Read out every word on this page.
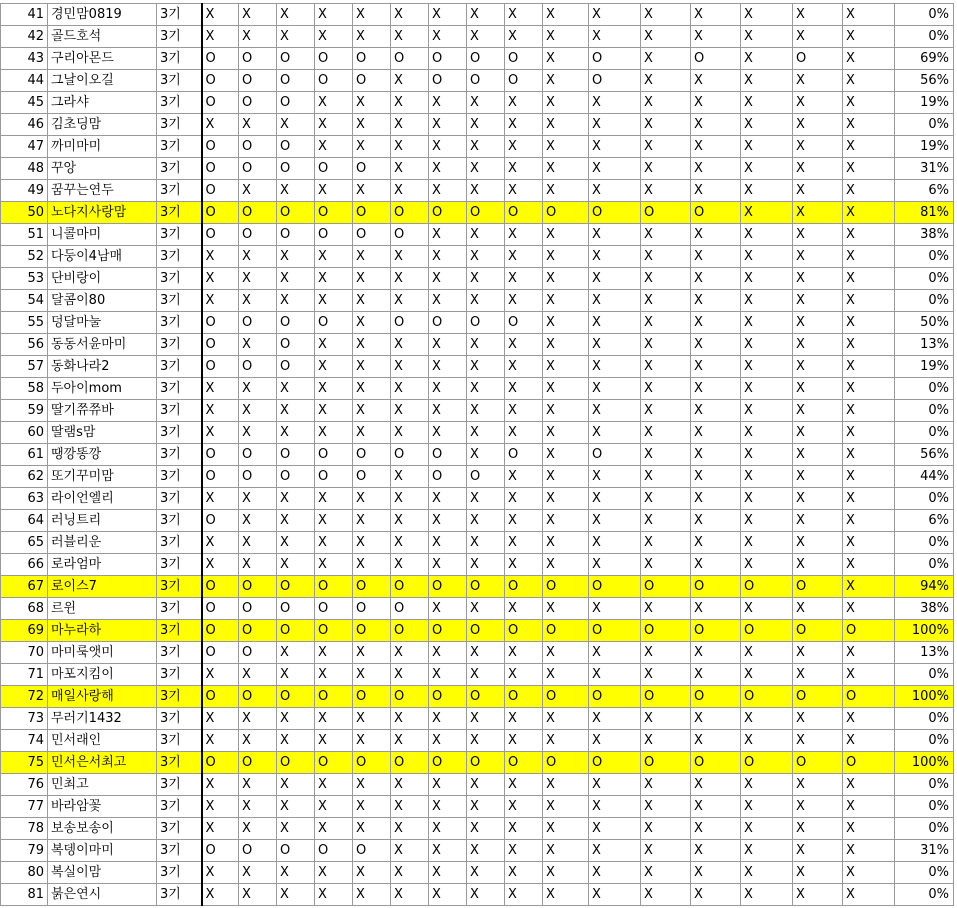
41	경민맘0819	3기	X	X	X	X	X	X	X	X	X	X	X	X	X	X	X	X	0%
42	골드호석	3기	X	X	X	X	X	X	X	X	X	X	X	X	X	X	X	X	0%
43	구리아몬드	3기	O	O	O	O	O	O	O	O	O	X	O	X	O	X	O	X	69%
44	그날이오길	3기	O	O	O	O	O	X	O	O	O	X	O	X	X	X	X	X	56%
45	그라샤	3기	O	O	O	X	X	X	X	X	X	X	X	X	X	X	X	X	19%
46	김초딩맘	3기	X	X	X	X	X	X	X	X	X	X	X	X	X	X	X	X	0%
47	까미마미	3기	O	O	O	X	X	X	X	X	X	X	X	X	X	X	X	X	19%
48	꾸앙	3기	O	O	O	O	O	X	X	X	X	X	X	X	X	X	X	X	31%
49	꿈꾸는연두	3기	O	X	X	X	X	X	X	X	X	X	X	X	X	X	X	X	6%
50	노다지사랑맘	3기	O	O	O	O	O	O	O	O	O	O	O	O	O	X	X	X	81%
51	니콜마미	3기	O	O	O	O	O	O	X	X	X	X	X	X	X	X	X	X	38%
52	다둥이4남매	3기	X	X	X	X	X	X	X	X	X	X	X	X	X	X	X	X	0%
53	단비랑이	3기	X	X	X	X	X	X	X	X	X	X	X	X	X	X	X	X	0%
54	달콤이80	3기	X	X	X	X	X	X	X	X	X	X	X	X	X	X	X	X	0%
55	덩달마눌	3기	O	O	O	O	X	O	O	O	O	X	X	X	X	X	X	X	50%
56	동동서윤마미	3기	O	X	O	X	X	X	X	X	X	X	X	X	X	X	X	X	13%
57	동화나라2	3기	O	O	O	X	X	X	X	X	X	X	X	X	X	X	X	X	19%
58	두아이mom	3기	X	X	X	X	X	X	X	X	X	X	X	X	X	X	X	X	0%
59	딸기쮸쮸바	3기	X	X	X	X	X	X	X	X	X	X	X	X	X	X	X	X	0%
60	딸램s맘	3기	X	X	X	X	X	X	X	X	X	X	X	X	X	X	X	X	0%
61	땡깡똥깡	3기	O	O	O	O	O	O	O	X	O	X	O	X	X	X	X	X	56%
62	또기꾸미맘	3기	O	O	O	O	O	X	O	O	X	X	X	X	X	X	X	X	44%
63	라이언엘리	3기	X	X	X	X	X	X	X	X	X	X	X	X	X	X	X	X	0%
64	러닝트리	3기	O	X	X	X	X	X	X	X	X	X	X	X	X	X	X	X	6%
65	러블리운	3기	X	X	X	X	X	X	X	X	X	X	X	X	X	X	X	X	0%
66	로라엄마	3기	X	X	X	X	X	X	X	X	X	X	X	X	X	X	X	X	0%
67	로이스7	3기	O	O	O	O	O	O	O	O	O	O	O	O	O	O	O	X	94%
68	르윈	3기	O	O	O	O	O	O	X	X	X	X	X	X	X	X	X	X	38%
69	마누라하	3기	O	O	O	O	O	O	O	O	O	O	O	O	O	O	O	O	100%
70	마미룩앳미	3기	O	O	X	X	X	X	X	X	X	X	X	X	X	X	X	X	13%
71	마포지킴이	3기	X	X	X	X	X	X	X	X	X	X	X	X	X	X	X	X	0%
72	매일사랑해	3기	O	O	O	O	O	O	O	O	O	O	O	O	O	O	O	O	100%
73	무러기1432	3기	X	X	X	X	X	X	X	X	X	X	X	X	X	X	X	X	0%
74	민서래인	3기	X	X	X	X	X	X	X	X	X	X	X	X	X	X	X	X	0%
75	민서은서최고	3기	O	O	O	O	O	O	O	O	O	O	O	O	O	O	O	O	100%
76	민최고	3기	X	X	X	X	X	X	X	X	X	X	X	X	X	X	X	X	0%
77	바라암꽃	3기	X	X	X	X	X	X	X	X	X	X	X	X	X	X	X	X	0%
78	보송보송이	3기	X	X	X	X	X	X	X	X	X	X	X	X	X	X	X	X	0%
79	복뎅이마미	3기	O	O	O	O	O	X	X	X	X	X	X	X	X	X	X	X	31%
80	복실이맘	3기	X	X	X	X	X	X	X	X	X	X	X	X	X	X	X	X	0%
81	붉은연시	3기	X	X	X	X	X	X	X	X	X	X	X	X	X	X	X	X	0%
